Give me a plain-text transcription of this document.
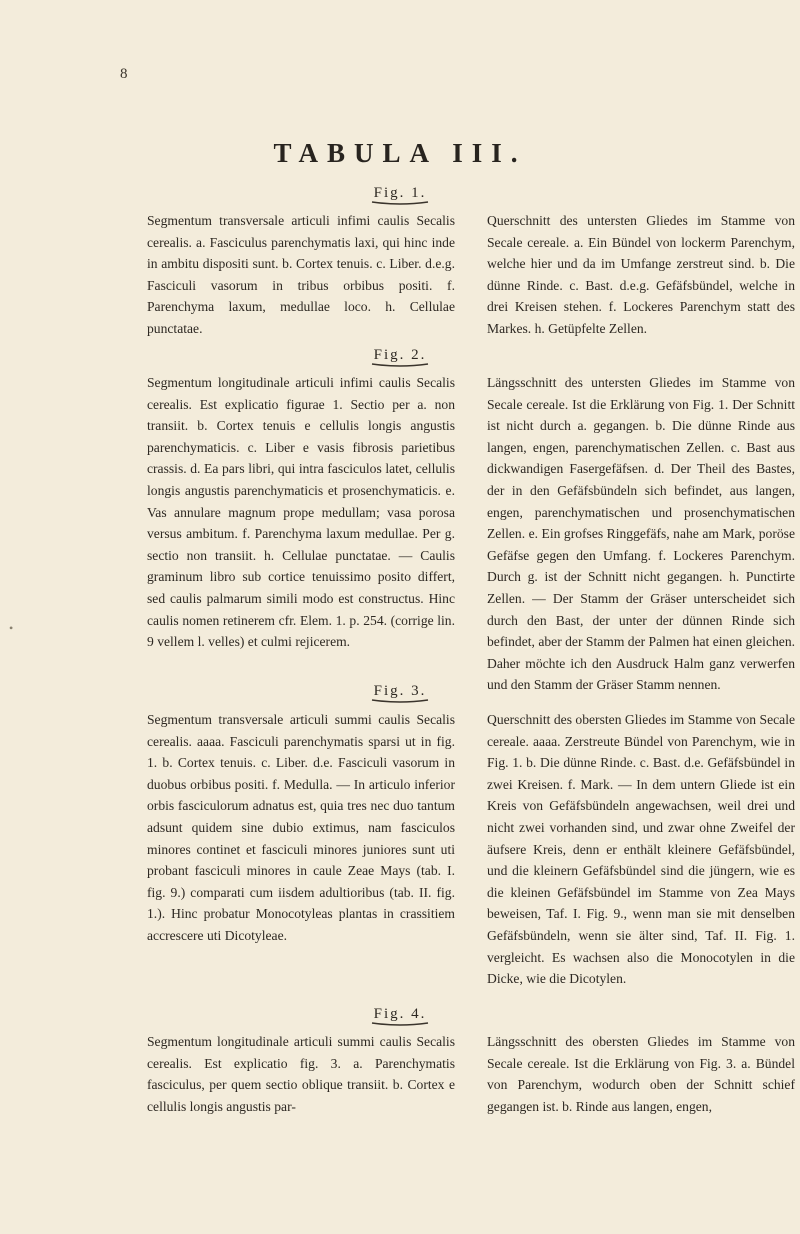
8
•
TABULA III.
Fig. 1.

Segmentum transversale articuli infimi caulis Secalis cerealis. a. Fasciculus parenchymatis laxi, qui hinc inde in ambitu dispositi sunt. b. Cortex tenuis. c. Liber. d.e.g. Fasciculi vasorum in tribus orbibus positi. f. Parenchyma laxum, medullae loco. h. Cellulae punctatae.

Querschnitt des untersten Gliedes im Stamme von Secale cereale. a. Ein Bündel von lockerm Parenchym, welche hier und da im Umfange zerstreut sind. b. Die dünne Rinde. c. Bast. d.e.g. Gefäfsbündel, welche in drei Kreisen stehen. f. Lockeres Parenchym statt des Markes. h. Getüpfelte Zellen.

Fig. 2.

Segmentum longitudinale articuli infimi caulis Secalis cerealis. Est explicatio figurae 1. Sectio per a. non transiit. b. Cortex tenuis e cellulis longis angustis parenchymaticis. c. Liber e vasis fibrosis parietibus crassis. d. Ea pars libri, qui intra fasciculos latet, cellulis longis angustis parenchymaticis et prosenchymaticis. e. Vas annulare magnum prope medullam; vasa porosa versus ambitum. f. Parenchyma laxum medullae. Per g. sectio non transiit. h. Cellulae punctatae. — Caulis graminum libro sub cortice tenuissimo posito differt, sed caulis palmarum simili modo est constructus. Hinc caulis nomen retinerem cfr. Elem. 1. p. 254. (corrige lin. 9 vellem l. velles) et culmi rejicerem.

Längsschnitt des untersten Gliedes im Stamme von Secale cereale. Ist die Erklärung von Fig. 1. Der Schnitt ist nicht durch a. gegangen. b. Die dünne Rinde aus langen, engen, parenchymatischen Zellen. c. Bast aus dickwandigen Fasergefäfsen. d. Der Theil des Bastes, der in den Gefäfsbündeln sich befindet, aus langen, engen, parenchymatischen und prosenchymatischen Zellen. e. Ein grofses Ringgefäfs, nahe am Mark, poröse Gefäfse gegen den Umfang. f. Lockeres Parenchym. Durch g. ist der Schnitt nicht gegangen. h. Punctirte Zellen. — Der Stamm der Gräser unterscheidet sich durch den Bast, der unter der dünnen Rinde sich befindet, aber der Stamm der Palmen hat einen gleichen. Daher möchte ich den Ausdruck Halm ganz verwerfen und den Stamm der Gräser Stamm nennen.

Fig. 3.

Segmentum transversale articuli summi caulis Secalis cerealis. aaaa. Fasciculi parenchymatis sparsi ut in fig. 1. b. Cortex tenuis. c. Liber. d.e. Fasciculi vasorum in duobus orbibus positi. f. Medulla. — In articulo inferior orbis fasciculorum adnatus est, quia tres nec duo tantum adsunt quidem sine dubio extimus, nam fasciculos minores continet et fasciculi minores juniores sunt uti probant fasciculi minores in caule Zeae Mays (tab. I. fig. 9.) comparati cum iisdem adultioribus (tab. II. fig. 1.). Hinc probatur Monocotyleas plantas in crassitiem accrescere uti Dicotyleae.

Querschnitt des obersten Gliedes im Stamme von Secale cereale. aaaa. Zerstreute Bündel von Parenchym, wie in Fig. 1. b. Die dünne Rinde. c. Bast. d.e. Gefäfsbündel in zwei Kreisen. f. Mark. — In dem untern Gliede ist ein Kreis von Gefäfsbündeln angewachsen, weil drei und nicht zwei vorhanden sind, und zwar ohne Zweifel der äufsere Kreis, denn er enthält kleinere Gefäfsbündel, und die kleinern Gefäfsbündel sind die jüngern, wie es die kleinen Gefäfsbündel im Stamme von Zea Mays beweisen, Taf. I. Fig. 9., wenn man sie mit denselben Gefäfsbündeln, wenn sie älter sind, Taf. II. Fig. 1. vergleicht. Es wachsen also die Monocotylen in die Dicke, wie die Dicotylen.

Fig. 4.

Segmentum longitudinale articuli summi caulis Secalis cerealis. Est explicatio fig. 3. a. Parenchymatis fasciculus, per quem sectio oblique transiit. b. Cortex e cellulis longis angustis par-

Längsschnitt des obersten Gliedes im Stamme von Secale cereale. Ist die Erklärung von Fig. 3. a. Bündel von Parenchym, wodurch oben der Schnitt schief gegangen ist. b. Rinde aus langen, engen,
